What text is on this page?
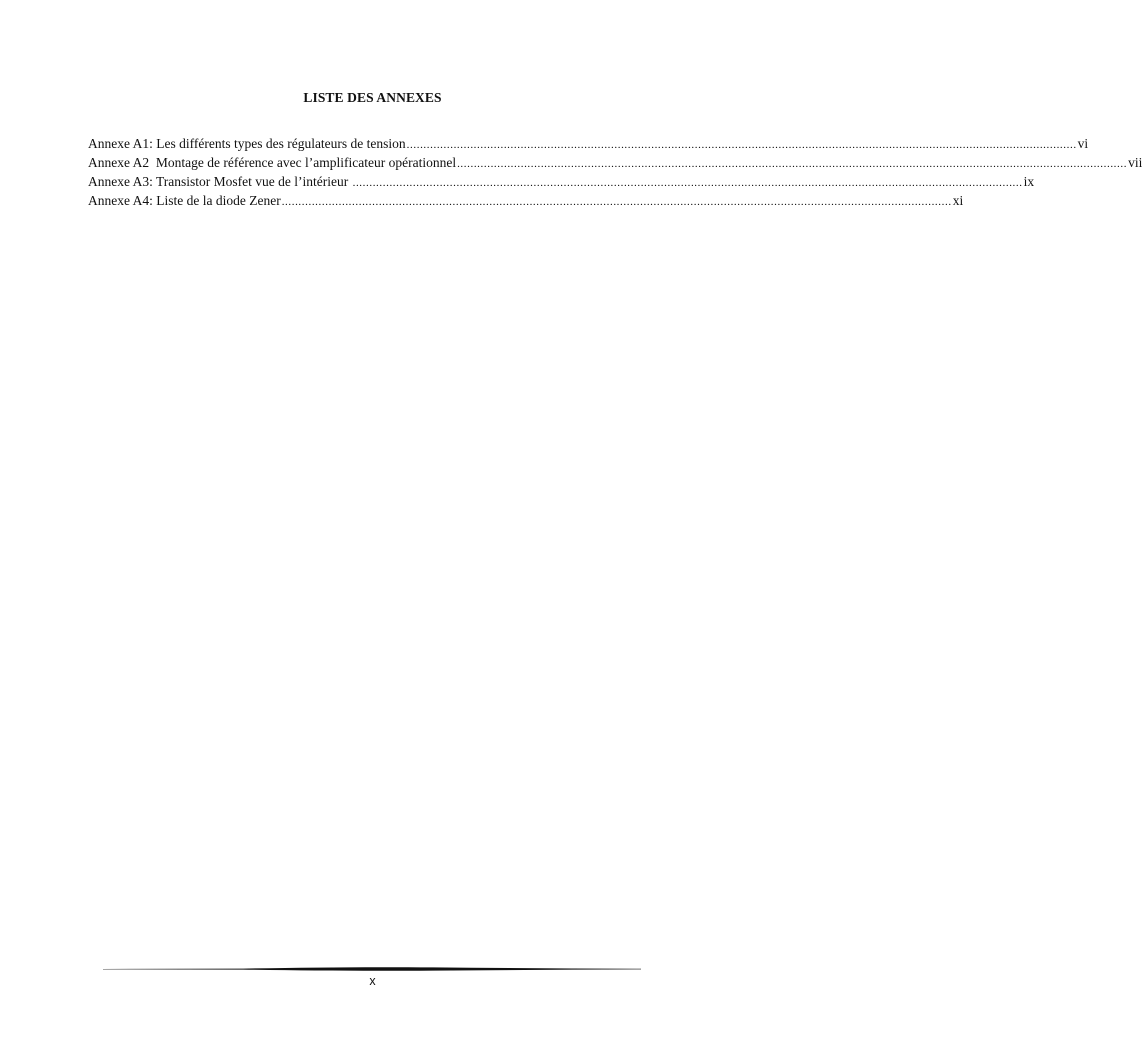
LISTE DES ANNEXES
Annexe A1: Les différents types des régulateurs de tension ........................................................................................................................................................................................................ vi
Annexe A2  Montage de référence avec l’amplificateur opérationnel ........................................................................................................................................................................................................ vii
Annexe A3: Transistor Mosfet vue de l’intérieur ........................................................................................................................................................................................................ ix
Annexe A4: Liste de la diode Zener ........................................................................................................................................................................................................ xi
x
